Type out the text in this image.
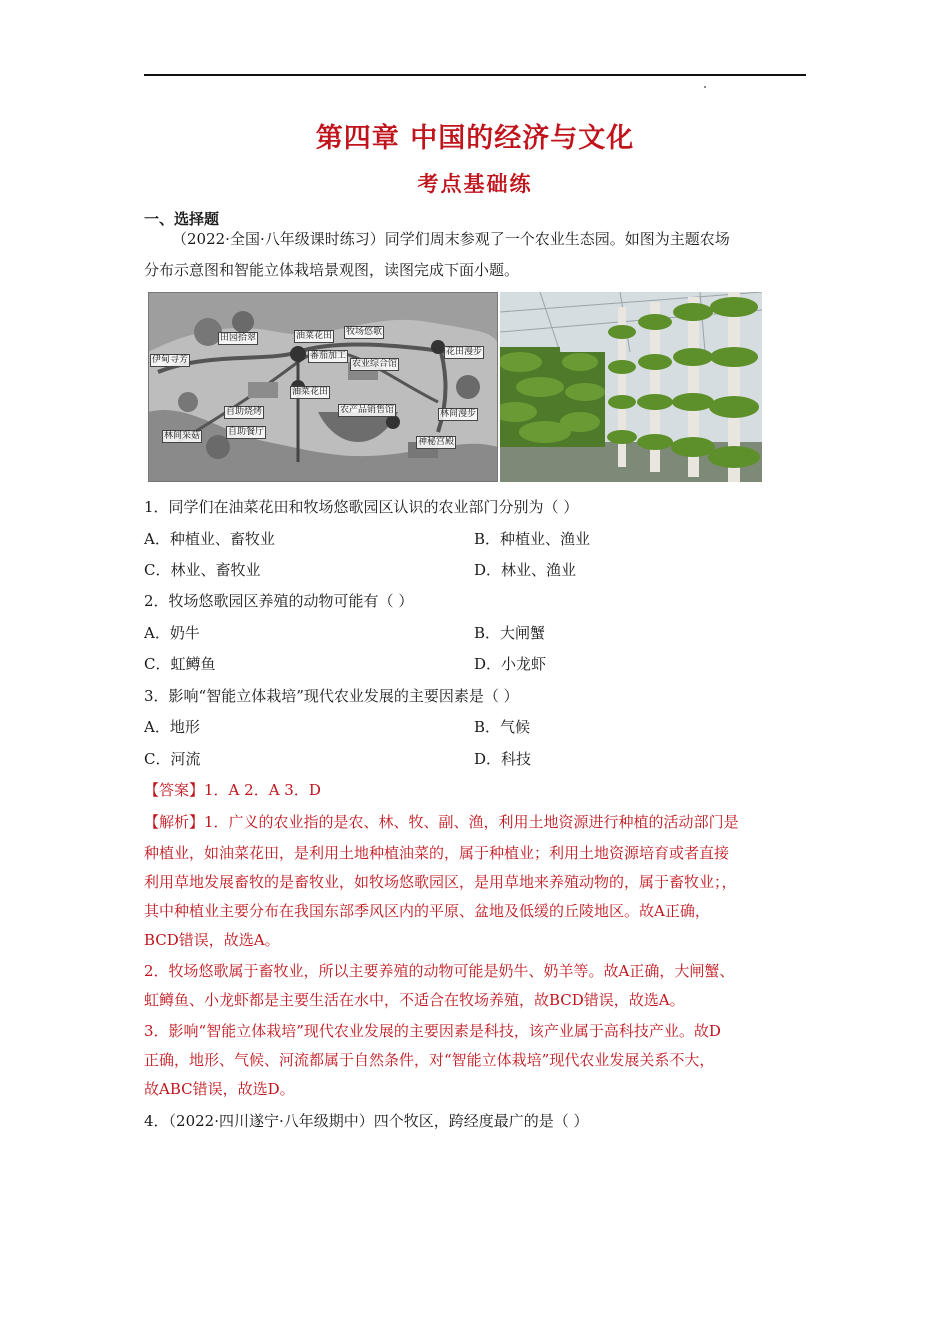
第四章 中国的经济与文化
考点基础练
一、选择题
（2022·全国·八年级课时练习）同学们周末参观了一个农业生态园。如图为主题农场
分布示意图和智能立体栽培景观图，读图完成下面小题。
田园拾翠	油菜花田 牧场悠歌
伊甸寻芳	番茄加工
农业综合馆
花田漫步
油菜花田
自助烧烤	农产品销售馆	林间漫步
林间采菇	自助餐厅
神秘宫殿
1．同学们在油菜花田和牧场悠歌园区认识的农业部门分别为（ ）
A．种植业、畜牧业	B．种植业、渔业
C．林业、畜牧业	D．林业、渔业
2．牧场悠歌园区养殖的动物可能有（ ）
A．奶牛	B．大闸蟹
C．虹鳟鱼	D．小龙虾
3．影响“智能立体栽培”现代农业发展的主要因素是（ ）
A．地形	B．气候
C．河流	D．科技
【答案】1．A 2．A 3．D
【解析】1．广义的农业指的是农、林、牧、副、渔，利用土地资源进行种植的活动部门是
种植业，如油菜花田，是利用土地种植油菜的，属于种植业；利用土地资源培育或者直接
利用草地发展畜牧的是畜牧业，如牧场悠歌园区，是用草地来养殖动物的，属于畜牧业；，
其中种植业主要分布在我国东部季风区内的平原、盆地及低缓的丘陵地区。故A正确，
BCD错误，故选A。
2．牧场悠歌属于畜牧业，所以主要养殖的动物可能是奶牛、奶羊等。故A正确，大闸蟹、
虹鳟鱼、小龙虾都是主要生活在水中，不适合在牧场养殖，故BCD错误，故选A。
3．影响“智能立体栽培”现代农业发展的主要因素是科技，该产业属于高科技产业。故D
正确，地形、气候、河流都属于自然条件，对“智能立体栽培”现代农业发展关系不大，
故ABC错误，故选D。
4．（2022·四川遂宁·八年级期中）四个牧区，跨经度最广的是（ ）
